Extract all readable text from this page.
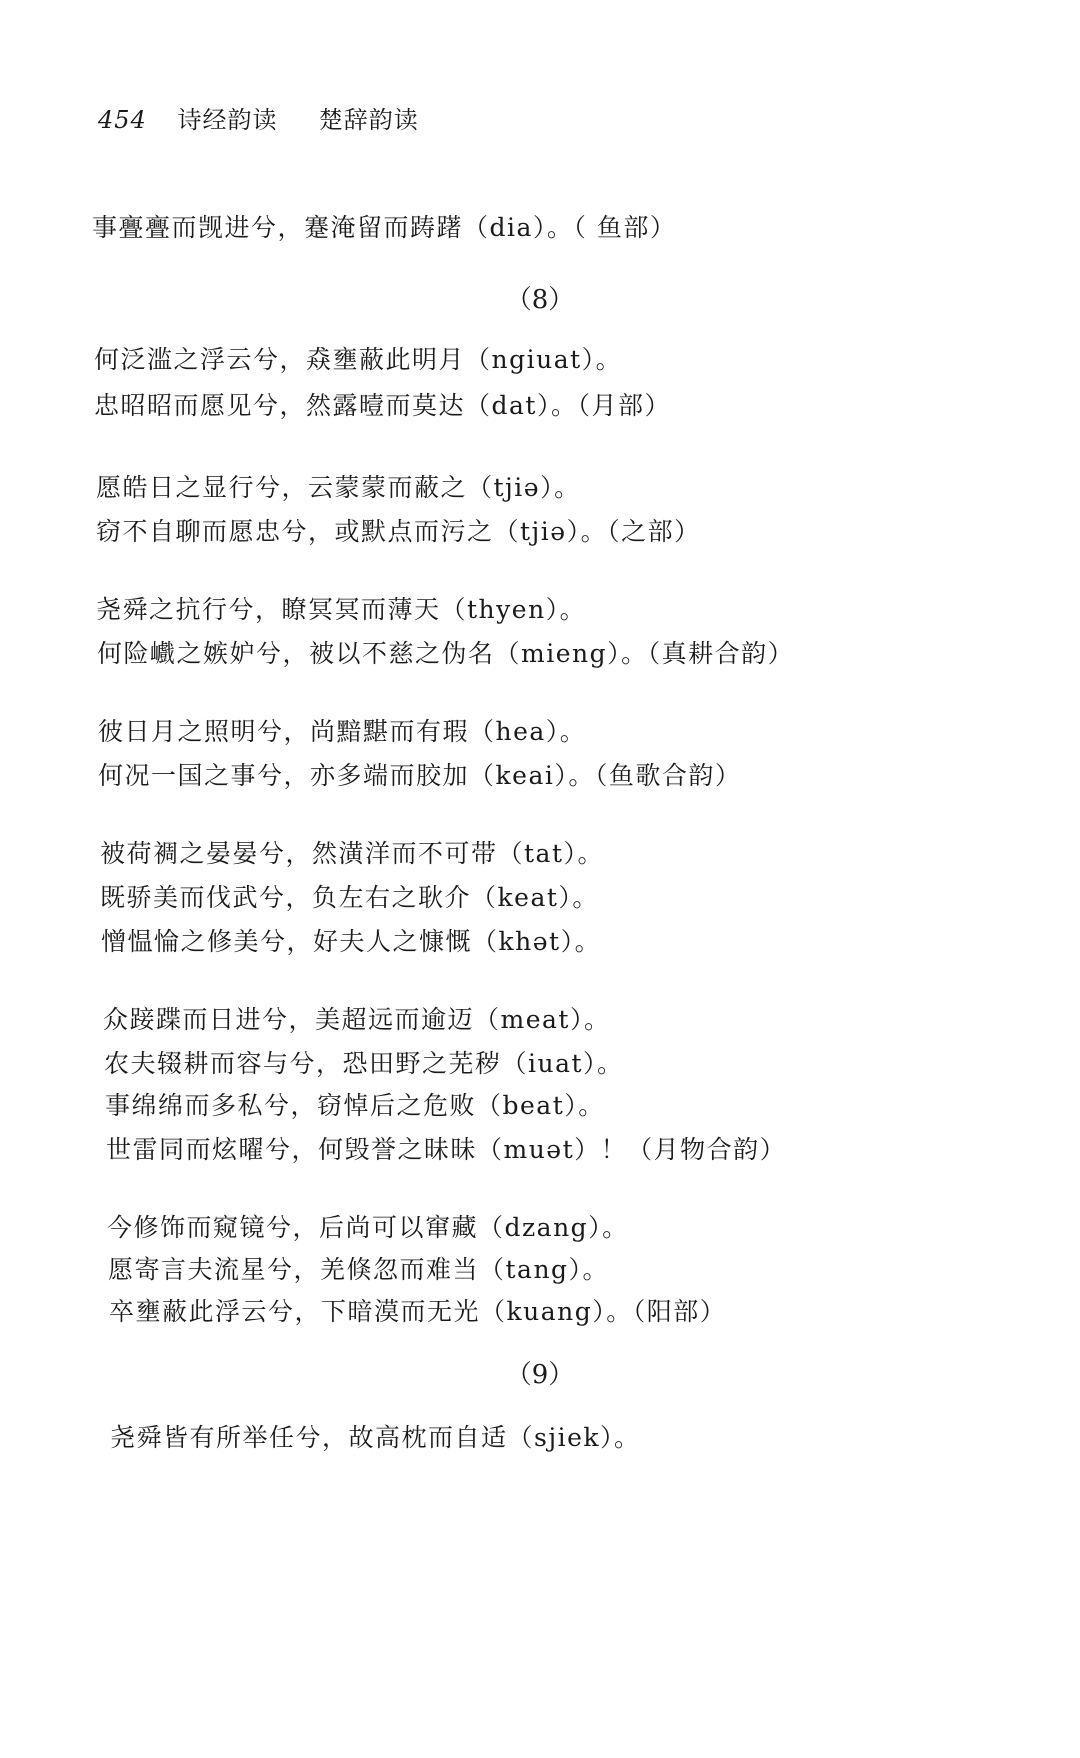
454 诗经韵读 楚辞韵读
事亹亹而觊进兮，蹇淹留而踌躇（dia）。（ 鱼部）
（8）
何泛滥之浮云兮，猋壅蔽此明月（ngiuat）。
忠昭昭而愿见兮，然露曀而莫达（dat）。（月部）
愿皓日之显行兮，云蒙蒙而蔽之（tjiə）。
窃不自聊而愿忠兮，或默点而污之（tjiə）。（之部）
尧舜之抗行兮，瞭冥冥而薄天（thyen）。
何险巇之嫉妒兮，被以不慈之伪名（mieng）。（真耕合韵）
彼日月之照明兮，尚黯黮而有瑕（hea）。
何况一国之事兮，亦多端而胶加（keai）。（鱼歌合韵）
被荷裯之晏晏兮，然潢洋而不可带（tat）。
既骄美而伐武兮，负左右之耿介（keat）。
憎愠惀之修美兮，好夫人之慷慨（khət）。
众踥蹀而日进兮，美超远而逾迈（meat）。
农夫辍耕而容与兮，恐田野之芜秽（iuat）。
事绵绵而多私兮，窃悼后之危败（beat）。
世雷同而炫曜兮，何毁誉之昧昧（muət）！（月物合韵）
今修饰而窥镜兮，后尚可以窜藏（dzang）。
愿寄言夫流星兮，羌倏忽而难当（tang）。
卒壅蔽此浮云兮，下暗漠而无光（kuang）。（阳部）
（9）
尧舜皆有所举任兮，故高枕而自适（sjiek）。
